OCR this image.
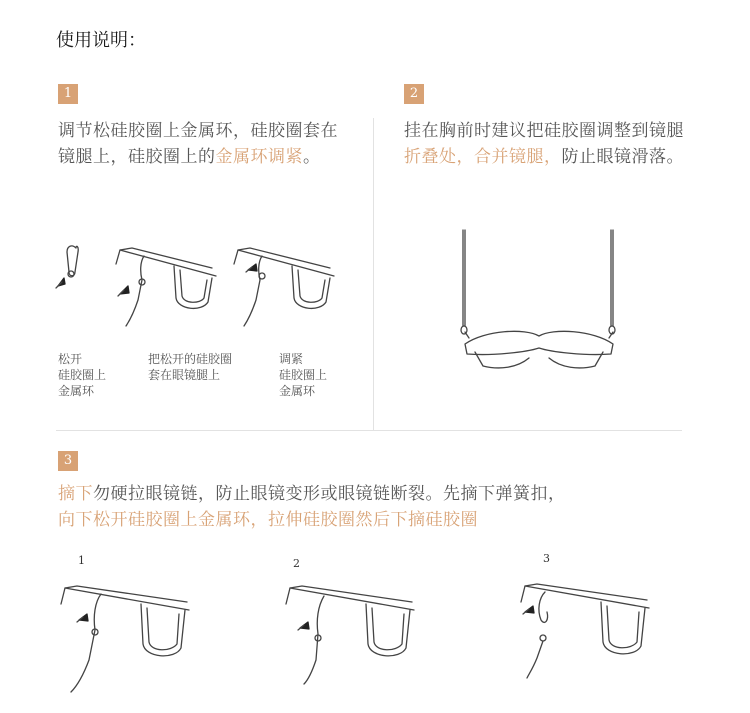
使用说明：
1
调节松硅胶圈上金属环，硅胶圈套在镜腿上，硅胶圈上的金属环调紧。
松开
硅胶圈上
金属环
把松开的硅胶圈
套在眼镜腿上
调紧
硅胶圈上
金属环
2
挂在胸前时建议把硅胶圈调整到镜腿折叠处，合并镜腿，防止眼镜滑落。
3
摘下勿硬拉眼镜链，防止眼镜变形或眼镜链断裂。先摘下弹簧扣，
向下松开硅胶圈上金属环，拉伸硅胶圈然后下摘硅胶圈
1	2	3
